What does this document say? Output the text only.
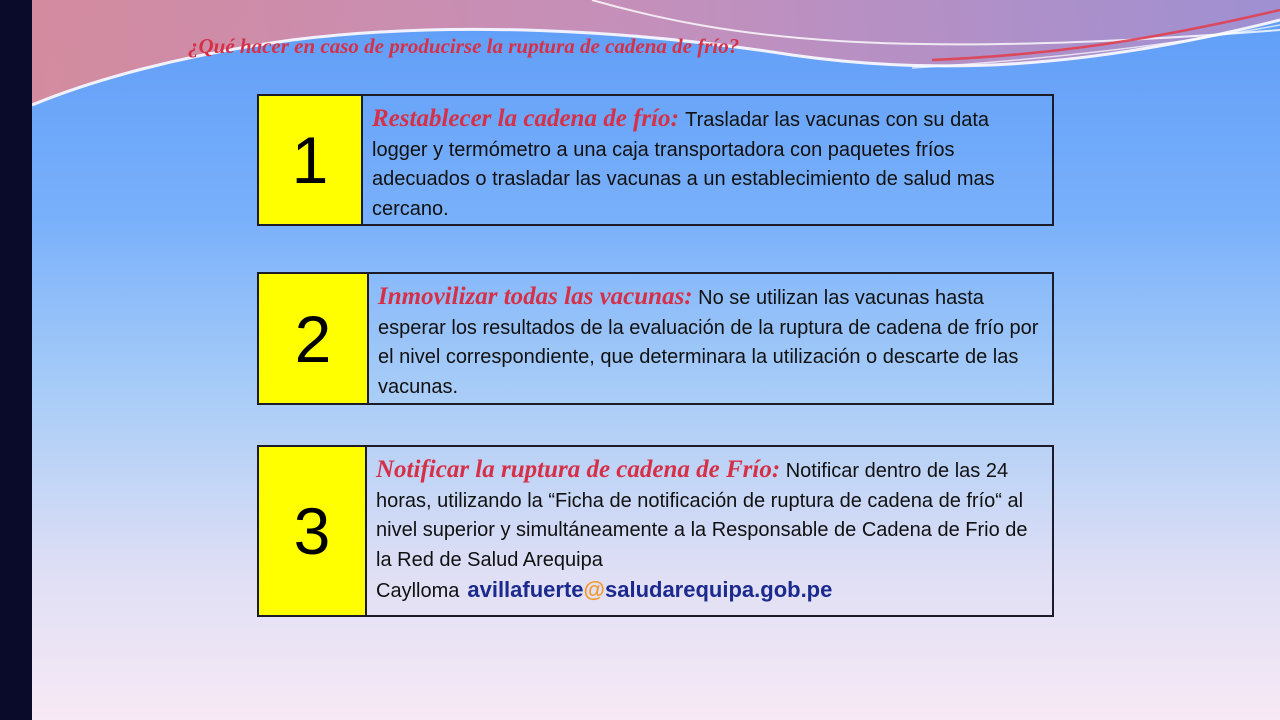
¿Qué hacer en caso de producirse la ruptura de cadena de frío?
1
Restablecer la cadena de frío: Trasladar las vacunas con su data logger y termómetro a una caja transportadora con paquetes fríos adecuados o trasladar las vacunas a un establecimiento de salud mas cercano.
2
Inmovilizar todas las vacunas: No se utilizan las vacunas hasta esperar los resultados de la evaluación de la ruptura de cadena de frío por el nivel correspondiente, que determinara la utilización o descarte de las vacunas.
3
Notificar la ruptura de cadena de Frío: Notificar dentro de las 24 horas, utilizando la “Ficha de notificación de ruptura de cadena de frío“ al nivel superior y simultáneamente a la Responsable de Cadena de Frio de la Red de Salud Arequipa Caylloma avillafuerte@saludarequipa.gob.pe
